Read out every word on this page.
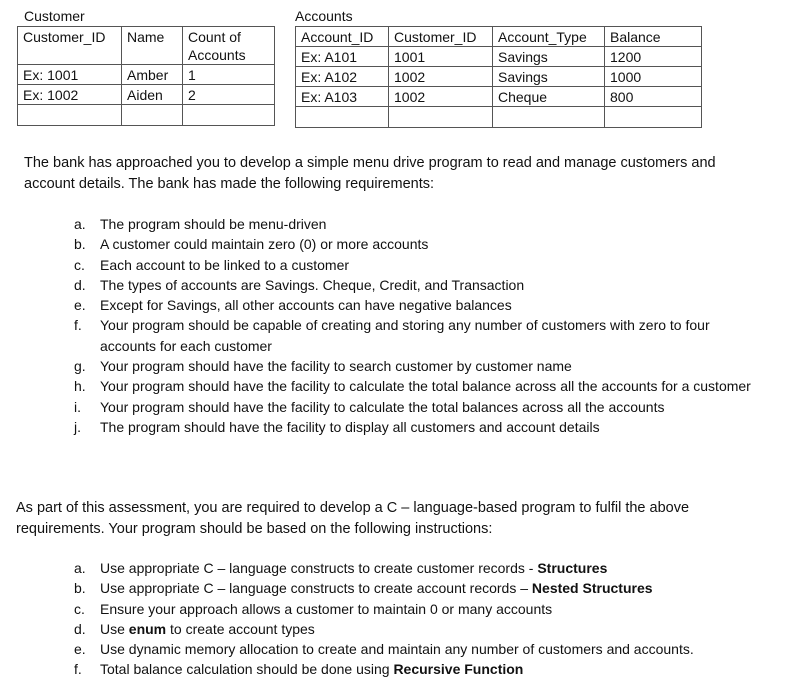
Customer
Customer_ID	Name	Count of Accounts
Ex: 1001	Amber	1
Ex: 1002	Aiden	2

Accounts
Account_ID	Customer_ID	Account_Type	Balance
Ex: A101	1001	Savings	1200
Ex: A102	1002	Savings	1000
Ex: A103	1002	Cheque	800

The bank has approached you to develop a simple menu drive program to read and manage customers and account details. The bank has made the following requirements:

a. The program should be menu-driven
b. A customer could maintain zero (0) or more accounts
c. Each account to be linked to a customer
d. The types of accounts are Savings. Cheque, Credit, and Transaction
e. Except for Savings, all other accounts can have negative balances
f. Your program should be capable of creating and storing any number of customers with zero to four accounts for each customer
g. Your program should have the facility to search customer by customer name
h. Your program should have the facility to calculate the total balance across all the accounts for a customer
i. Your program should have the facility to calculate the total balances across all the accounts
j. The program should have the facility to display all customers and account details

As part of this assessment, you are required to develop a C – language-based program to fulfil the above requirements. Your program should be based on the following instructions:

a. Use appropriate C – language constructs to create customer records - Structures
b. Use appropriate C – language constructs to create account records – Nested Structures
c. Ensure your approach allows a customer to maintain 0 or many accounts
d. Use enum to create account types
e. Use dynamic memory allocation to create and maintain any number of customers and accounts.
f. Total balance calculation should be done using Recursive Function
